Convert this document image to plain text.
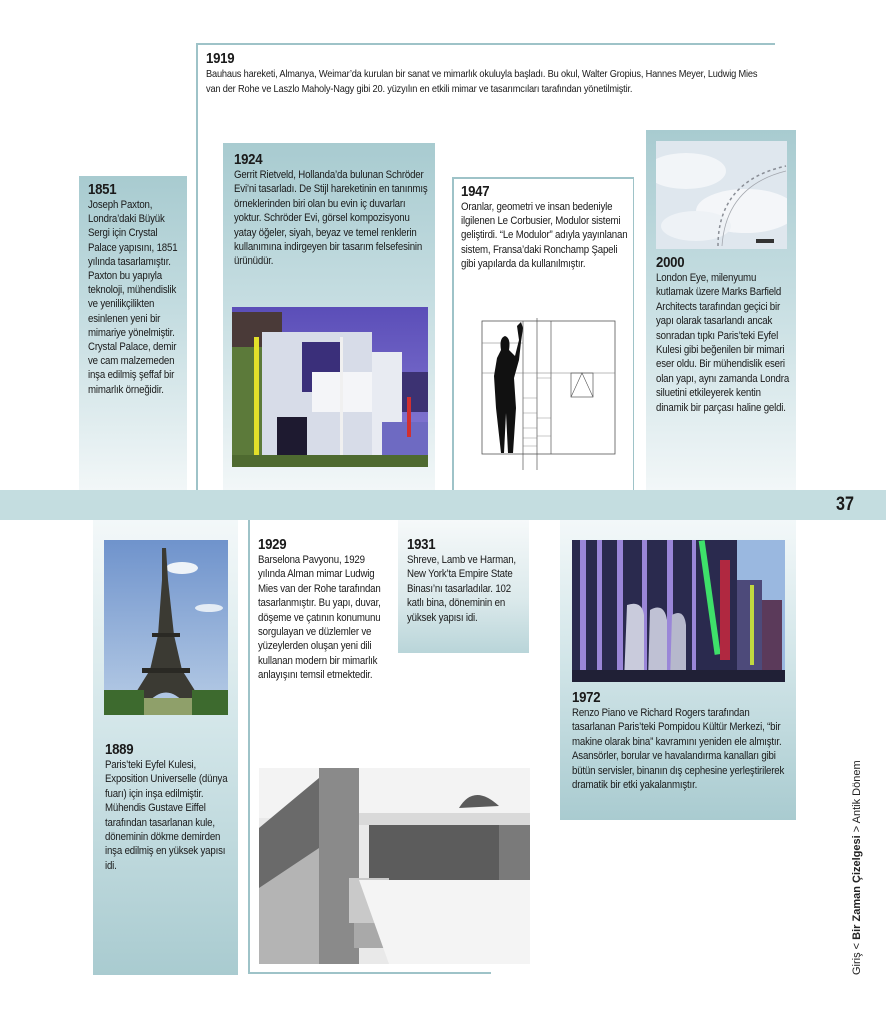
1919
Bauhaus hareketi, Almanya, Weimar’da kurulan bir sanat ve mimarlık okuluyla başladı. Bu okul, Walter Gropius, Hannes Meyer, Ludwig Mies van der Rohe ve Laszlo Maholy-Nagy gibi 20. yüzyılın en etkili mimar ve tasarımcıları tarafından yönetilmiştir.
1851
Joseph Paxton, Londra’daki Büyük Sergi için Crystal Palace yapısını, 1851 yılında tasarlamıştır. Paxton bu yapıyla teknoloji, mühendislik ve yenilikçilikten esinlenen yeni bir mimariye yönelmiştir. Crystal Palace, demir ve cam malzemeden inşa edilmiş şeffaf bir mimarlık örneğidir.
1924
Gerrit Rietveld, Hollanda’da bulunan Schröder Evi’ni tasarladı. De Stijl hareketinin en tanınmış örneklerinden biri olan bu evin iç duvarları yoktur. Schröder Evi, görsel kompozisyonu yatay öğeler, siyah, beyaz ve temel renklerin kullanımına indirgeyen bir tasarım felsefesinin ürünüdür.
1947
Oranlar, geometri ve insan bedeniyle ilgilenen Le Corbusier, Modulor sistemi geliştirdi. “Le Modulor” adıyla yayınlanan sistem, Fransa’daki Ronchamp Şapeli gibi yapılarda da kullanılmıştır.	2000
London Eye, milenyumu kutlamak üzere Marks Barfield Architects tarafından geçici bir yapı olarak tasarlandı ancak sonradan tıpkı Paris’teki Eyfel Kulesi gibi beğenilen bir mimari eser oldu. Bir mühendislik eseri olan yapı, aynı zamanda Londra siluetini etkileyerek kentin dinamik bir parçası haline geldi.
37
1889
Paris’teki Eyfel Kulesi, Exposition Universelle (dünya fuarı) için inşa edilmiştir. Mühendis Gustave Eiffel tarafından tasarlanan kule, döneminin dökme demirden inşa edilmiş en yüksek yapısı idi.
1929
Barselona Pavyonu, 1929 yılında Alman mimar Ludwig Mies van der Rohe tarafından tasarlanmıştır. Bu yapı, duvar, döşeme ve çatının konumunu sorgulayan ve düzlemler ve yüzeylerden oluşan yeni dili kullanan modern bir mimarlık anlayışını temsil etmektedir.
1931
Shreve, Lamb ve Harman, New York’ta Empire State Binası’nı tasarladılar. 102 katlı bina, döneminin en yüksek yapısı idi.
1972
Renzo Piano ve Richard Rogers tarafından tasarlanan Paris’teki Pompidou Kültür Merkezi, “bir makine olarak bina” kavramını yeniden ele almıştır. Asansörler, borular ve havalandırma kanalları gibi bütün servisler, binanın dış cephesine yerleştirilerek dramatik bir etki yakalanmıştır.
Giriş < Bir Zaman Çizelgesi > Antik Dönem
